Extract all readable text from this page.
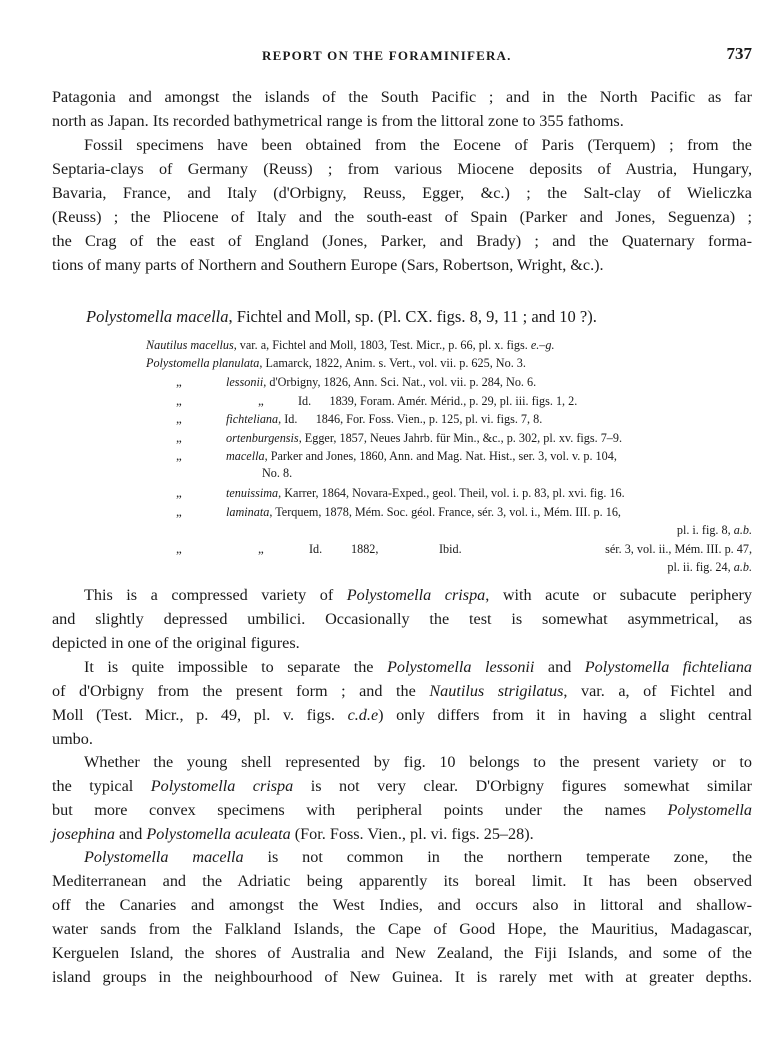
REPORT ON THE FORAMINIFERA.	737

Patagonia and amongst the islands of the South Pacific ; and in the North Pacific as far
north as Japan. Its recorded bathymetrical range is from the littoral zone to 355 fathoms.

Fossil specimens have been obtained from the Eocene of Paris (Terquem) ; from the
Septaria-clays of Germany (Reuss) ; from various Miocene deposits of Austria, Hungary,
Bavaria, France, and Italy (d'Orbigny, Reuss, Egger, &c.) ; the Salt-clay of Wieliczka
(Reuss) ; the Pliocene of Italy and the south-east of Spain (Parker and Jones, Seguenza) ;
the Crag of the east of England (Jones, Parker, and Brady) ; and the Quaternary forma-
tions of many parts of Northern and Southern Europe (Sars, Robertson, Wright, &c.).

Polystomella macella, Fichtel and Moll, sp. (Pl. CX. figs. 8, 9, 11 ; and 10 ?).

Nautilus macellus, var. a, Fichtel and Moll, 1803, Test. Micr., p. 66, pl. x. figs. e.–g.
Polystomella planulata, Lamarck, 1822, Anim. s. Vert., vol. vii. p. 625, No. 3.
„	lessonii, d'Orbigny, 1826, Ann. Sci. Nat., vol. vii. p. 284, No. 6.
„	„	Id.      1839, Foram. Amér. Mérid., p. 29, pl. iii. figs. 1, 2.
„	fichteliana, Id.      1846, For. Foss. Vien., p. 125, pl. vi. figs. 7, 8.
„	ortenburgensis, Egger, 1857, Neues Jahrb. für Min., &c., p. 302, pl. xv. figs. 7–9.
„	macella, Parker and Jones, 1860, Ann. and Mag. Nat. Hist., ser. 3, vol. v. p. 104,
No. 8.
„	tenuissima, Karrer, 1864, Novara-Exped., geol. Theil, vol. i. p. 83, pl. xvi. fig. 16.
„	laminata, Terquem, 1878, Mém. Soc. géol. France, sér. 3, vol. i., Mém. III. p. 16,
pl. i. fig. 8, a.b.
„	„	Id. 1882,	Ibid.	sér. 3, vol. ii., Mém. III. p. 47,
pl. ii. fig. 24, a.b.

This is a compressed variety of Polystomella crispa, with acute or subacute periphery
and slightly depressed umbilici. Occasionally the test is somewhat asymmetrical, as
depicted in one of the original figures.

It is quite impossible to separate the Polystomella lessonii and Polystomella fichteliana
of d'Orbigny from the present form ; and the Nautilus strigilatus, var. a, of Fichtel and
Moll (Test. Micr., p. 49, pl. v. figs. c.d.e) only differs from it in having a slight central
umbo.

Whether the young shell represented by fig. 10 belongs to the present variety or to
the typical Polystomella crispa is not very clear. D'Orbigny figures somewhat similar
but more convex specimens with peripheral points under the names Polystomella
josephina and Polystomella aculeata (For. Foss. Vien., pl. vi. figs. 25–28).

Polystomella macella is not common in the northern temperate zone, the
Mediterranean and the Adriatic being apparently its boreal limit. It has been observed
off the Canaries and amongst the West Indies, and occurs also in littoral and shallow-
water sands from the Falkland Islands, the Cape of Good Hope, the Mauritius, Madagascar,
Kerguelen Island, the shores of Australia and New Zealand, the Fiji Islands, and some of the
island groups in the neighbourhood of New Guinea. It is rarely met with at greater depths.
